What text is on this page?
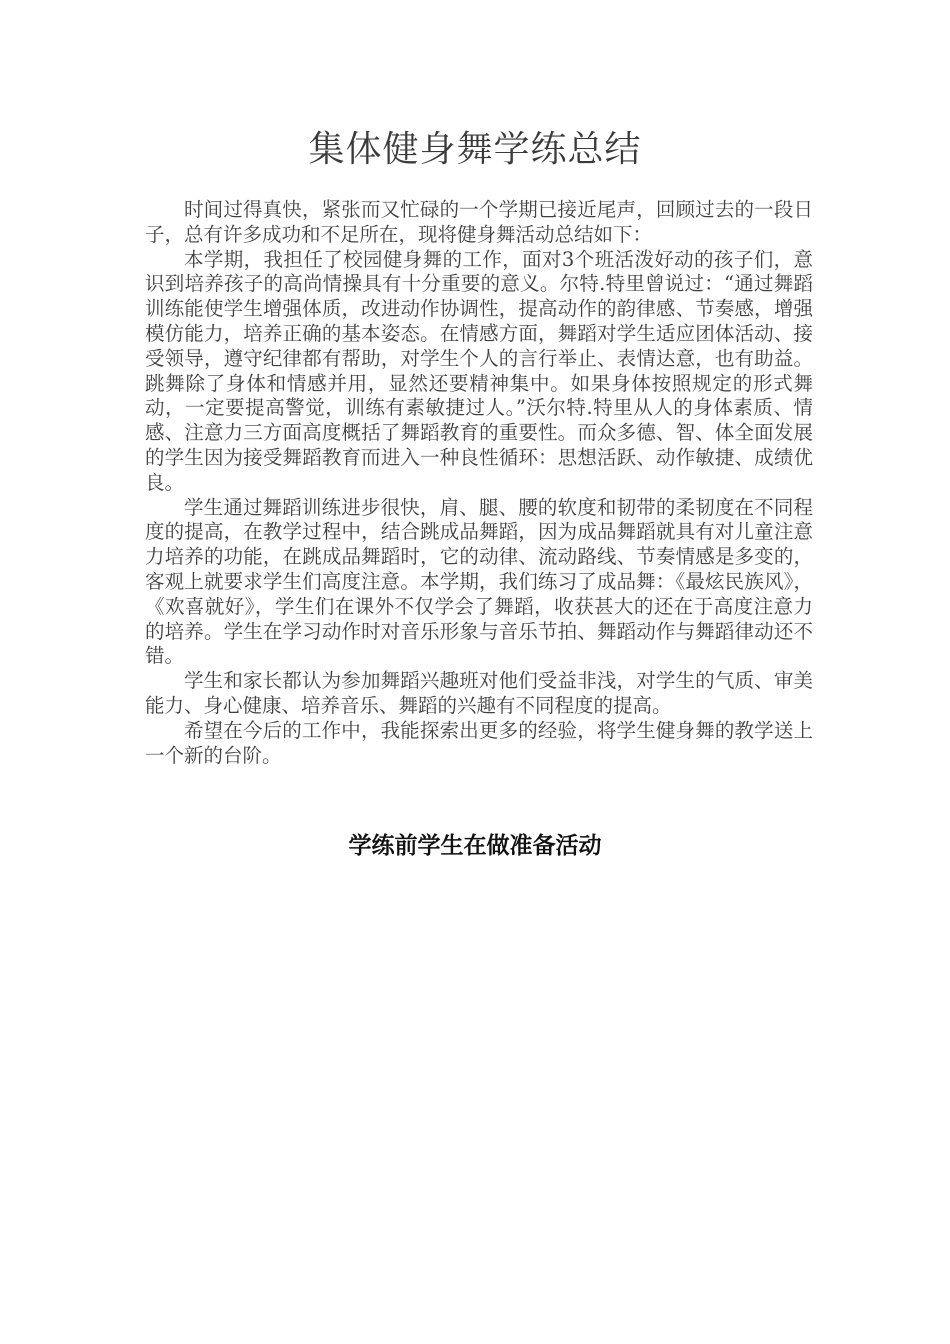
集体健身舞学练总结

时间过得真快，紧张而又忙碌的一个学期已接近尾声，回顾过去的一段日子，总有许多成功和不足所在，现将健身舞活动总结如下：

本学期，我担任了校园健身舞的工作，面对3个班活泼好动的孩子们，意识到培养孩子的高尚情操具有十分重要的意义。尔特.特里曾说过：“通过舞蹈训练能使学生增强体质，改进动作协调性，提高动作的韵律感、节奏感，增强模仿能力，培养正确的基本姿态。在情感方面，舞蹈对学生适应团体活动、接受领导，遵守纪律都有帮助，对学生个人的言行举止、表情达意，也有助益。跳舞除了身体和情感并用，显然还要精神集中。如果身体按照规定的形式舞动，一定要提高警觉，训练有素敏捷过人。”沃尔特.特里从人的身体素质、情感、注意力三方面高度概括了舞蹈教育的重要性。而众多德、智、体全面发展的学生因为接受舞蹈教育而进入一种良性循环：思想活跃、动作敏捷、成绩优良。

学生通过舞蹈训练进步很快，肩、腿、腰的软度和韧带的柔韧度在不同程度的提高，在教学过程中，结合跳成品舞蹈，因为成品舞蹈就具有对儿童注意力培养的功能，在跳成品舞蹈时，它的动律、流动路线、节奏情感是多变的，客观上就要求学生们高度注意。本学期，我们练习了成品舞：《最炫民族风》，《欢喜就好》，学生们在课外不仅学会了舞蹈，收获甚大的还在于高度注意力的培养。学生在学习动作时对音乐形象与音乐节拍、舞蹈动作与舞蹈律动还不错。

学生和家长都认为参加舞蹈兴趣班对他们受益非浅，对学生的气质、审美能力、身心健康、培养音乐、舞蹈的兴趣有不同程度的提高。

希望在今后的工作中，我能探索出更多的经验，将学生健身舞的教学送上一个新的台阶。

学练前学生在做准备活动
